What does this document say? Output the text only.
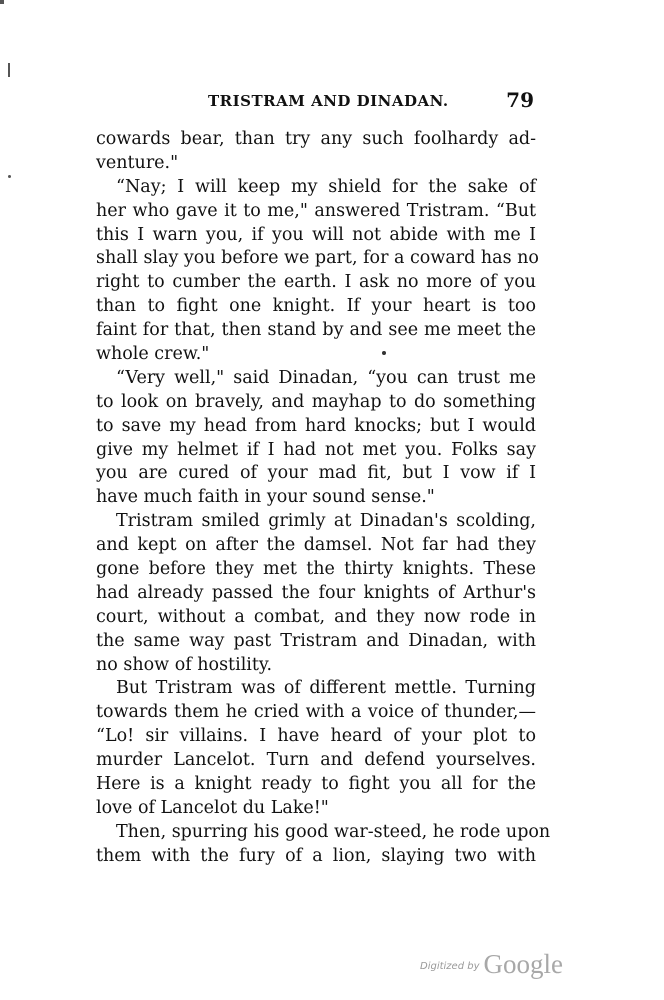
TRISTRAM AND DINADAN.	79
cowards bear, than try any such foolhardy ad-
venture."
“Nay; I will keep my shield for the sake of
her who gave it to me," answered Tristram. “But
this I warn you, if you will not abide with me I
shall slay you before we part, for a coward has no
right to cumber the earth. I ask no more of you
than to fight one knight. If your heart is too
faint for that, then stand by and see me meet the
whole crew."
“Very well," said Dinadan, “you can trust me
to look on bravely, and mayhap to do something
to save my head from hard knocks; but I would
give my helmet if I had not met you. Folks say
you are cured of your mad fit, but I vow if I
have much faith in your sound sense."
Tristram smiled grimly at Dinadan's scolding,
and kept on after the damsel. Not far had they
gone before they met the thirty knights. These
had already passed the four knights of Arthur's
court, without a combat, and they now rode in
the same way past Tristram and Dinadan, with
no show of hostility.
But Tristram was of different mettle. Turning
towards them he cried with a voice of thunder,—
“Lo! sir villains. I have heard of your plot to
murder Lancelot. Turn and defend yourselves.
Here is a knight ready to fight you all for the
love of Lancelot du Lake!"
Then, spurring his good war-steed, he rode upon
them with the fury of a lion, slaying two with
$^{Digitized by}$ Google
